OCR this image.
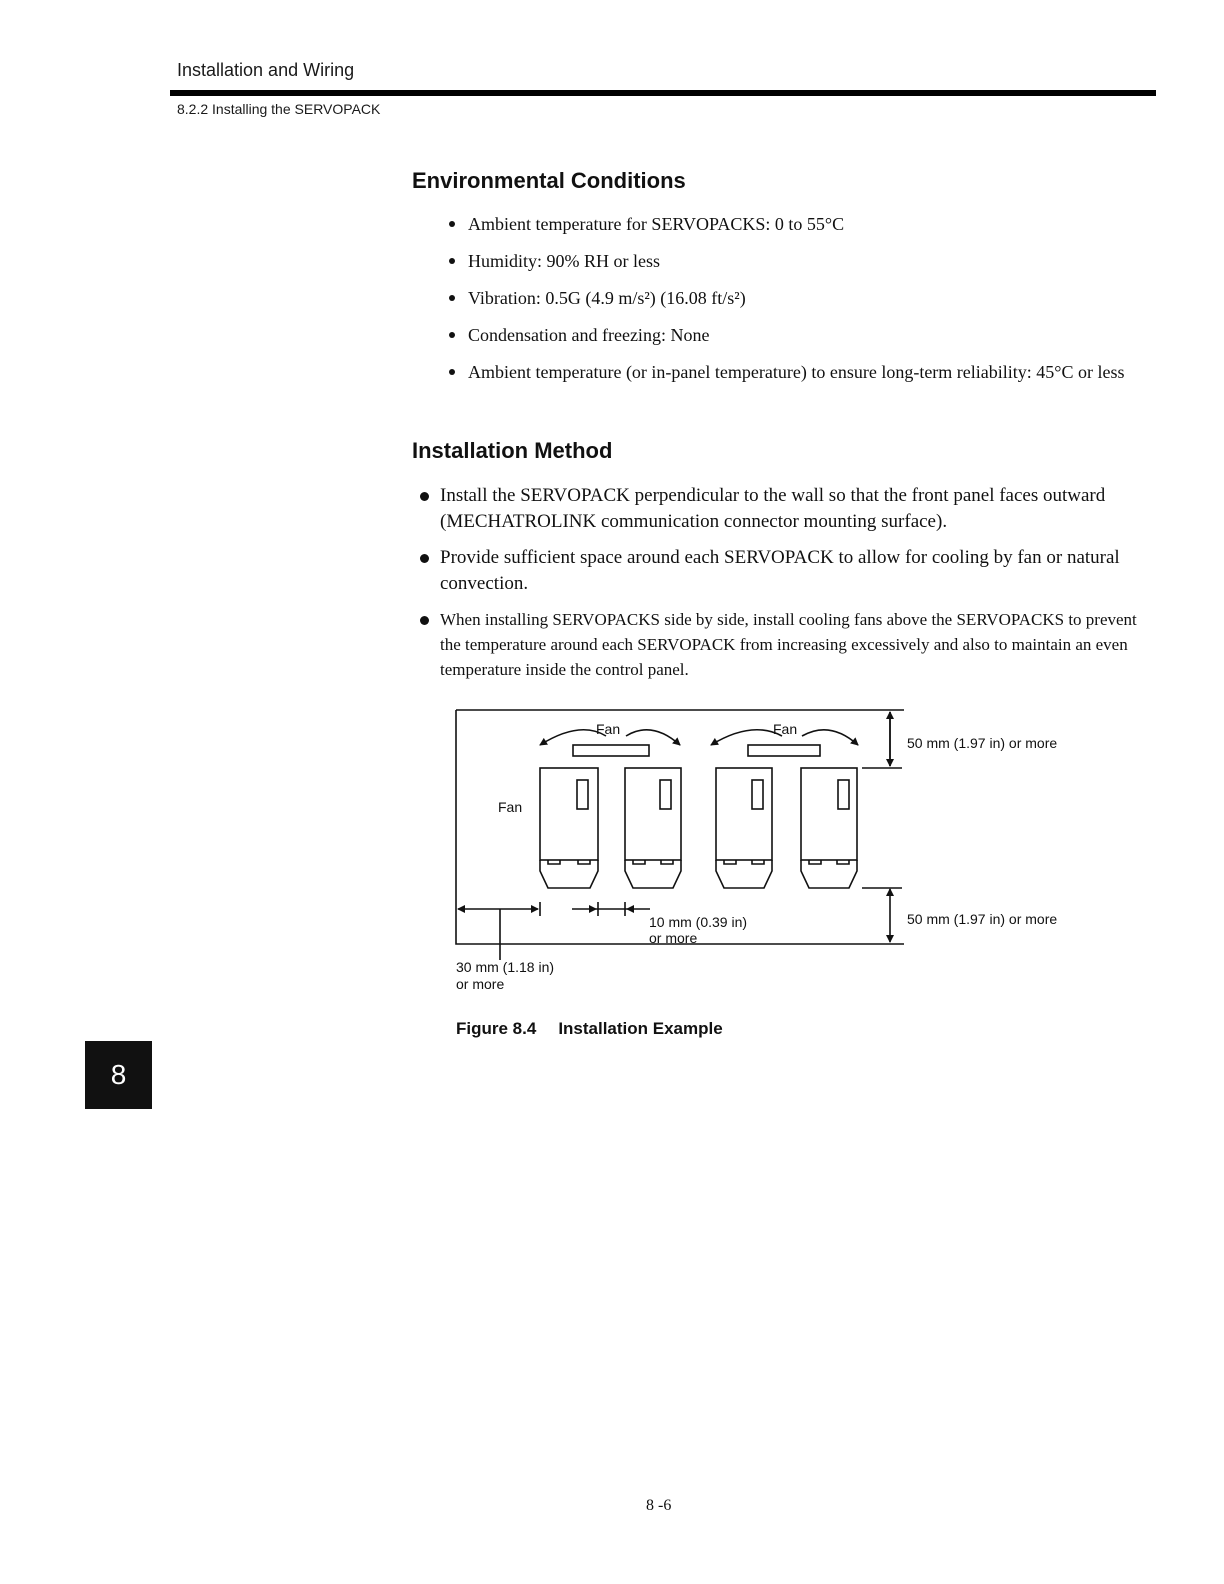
Installation and Wiring
8.2.2 Installing the SERVOPACK
Environmental Conditions
Ambient temperature for SERVOPACKS: 0 to 55°C
Humidity: 90% RH or less
Vibration: 0.5G (4.9 m/s²) (16.08 ft/s²)
Condensation and freezing: None
Ambient temperature (or in-panel temperature) to ensure long-term reliability: 45°C or less
Installation Method
Install the SERVOPACK perpendicular to the wall so that the front panel faces outward (MECHATROLINK communication connector mounting surface).
Provide sufficient space around each SERVOPACK to allow for cooling by fan or natural convection.
When installing SERVOPACKS side by side, install cooling fans above the SERVOPACKS to prevent the temperature around each SERVOPACK from increasing excessively and also to maintain an even temperature inside the control panel.
Fan	Fan
Fan
50 mm (1.97 in) or more
50 mm (1.97 in) or more
10 mm (0.39 in)
or more
30 mm (1.18 in)
or more
Figure 8.4 Installation Example
8
8 -6
